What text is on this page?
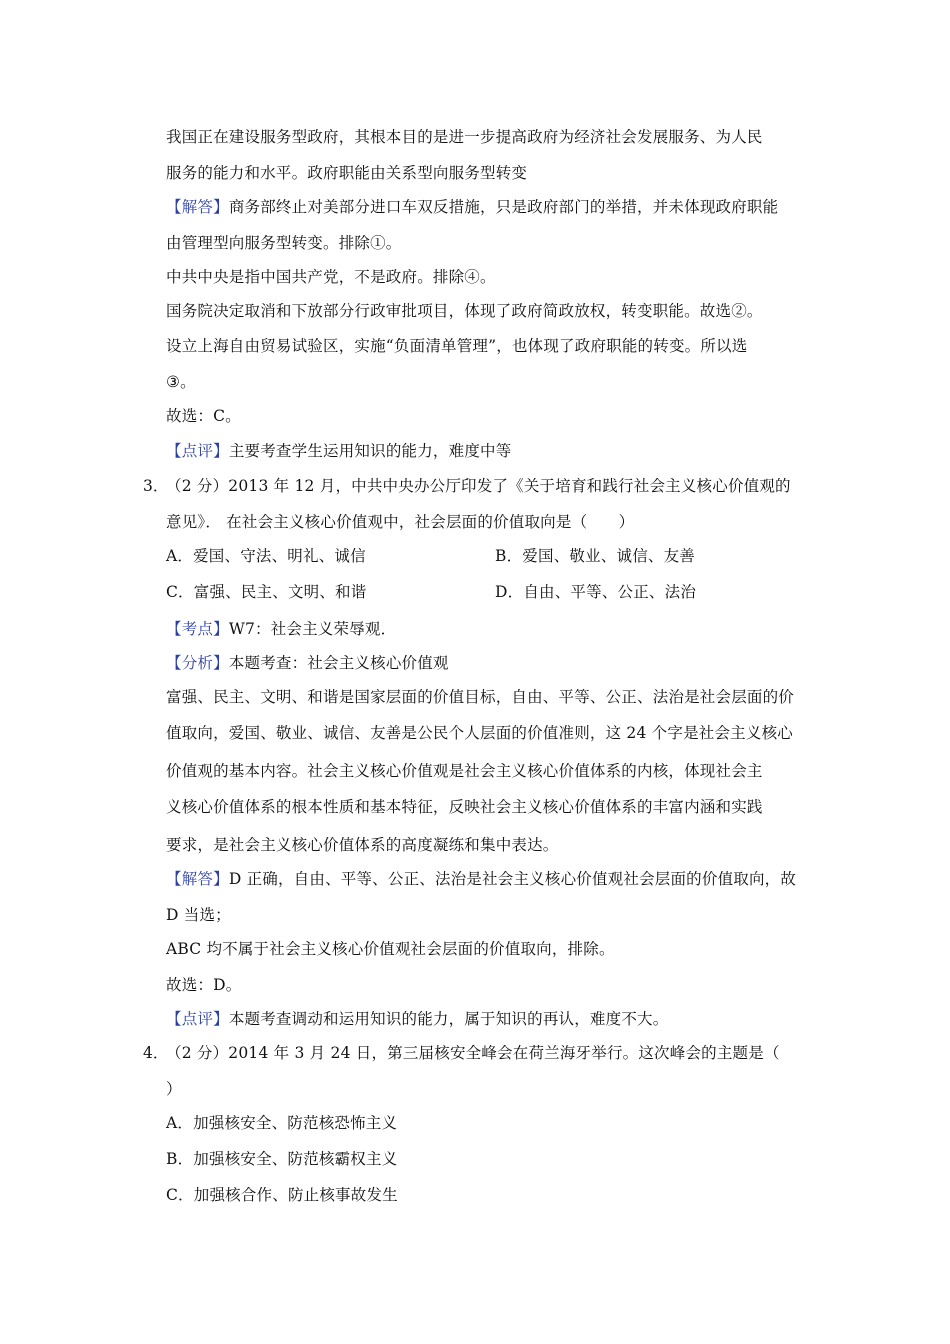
我国正在建设服务型政府，其根本目的是进一步提高政府为经济社会发展服务、为人民
服务的能力和水平。政府职能由关系型向服务型转变
【解答】商务部终止对美部分进口车双反措施，只是政府部门的举措，并未体现政府职能
由管理型向服务型转变。排除①。
中共中央是指中国共产党，不是政府。排除④。
国务院决定取消和下放部分行政审批项目，体现了政府简政放权，转变职能。故选②。
设立上海自由贸易试验区，实施“负面清单管理”，也体现了政府职能的转变。所以选
③。
故选：C。
【点评】主要考查学生运用知识的能力，难度中等
3．
（2 分）2013 年 12 月，中共中央办公厅印发了《关于培育和践行社会主义核心价值观的
意见》． 在社会主义核心价值观中，社会层面的价值取向是（　　）
A．爱国、守法、明礼、诚信	B．爱国、敬业、诚信、友善
C．富强、民主、文明、和谐	D．自由、平等、公正、法治
【考点】W7：社会主义荣辱观．
【分析】本题考查：社会主义核心价值观
富强、民主、文明、和谐是国家层面的价值目标，自由、平等、公正、法治是社会层面的价
值取向，爱国、敬业、诚信、友善是公民个人层面的价值准则，这 24 个字是社会主义核心
价值观的基本内容。社会主义核心价值观是社会主义核心价值体系的内核，体现社会主
义核心价值体系的根本性质和基本特征，反映社会主义核心价值体系的丰富内涵和实践
要求，是社会主义核心价值体系的高度凝练和集中表达。
【解答】D 正确，自由、平等、公正、法治是社会主义核心价值观社会层面的价值取向，故
D 当选；
ABC 均不属于社会主义核心价值观社会层面的价值取向，排除。
故选：D。
【点评】本题考查调动和运用知识的能力，属于知识的再认，难度不大。
4．
（2 分）2014 年 3 月 24 日，第三届核安全峰会在荷兰海牙举行。这次峰会的主题是（
）
A．加强核安全、防范核恐怖主义
B．加强核安全、防范核霸权主义
C．加强核合作、防止核事故发生
